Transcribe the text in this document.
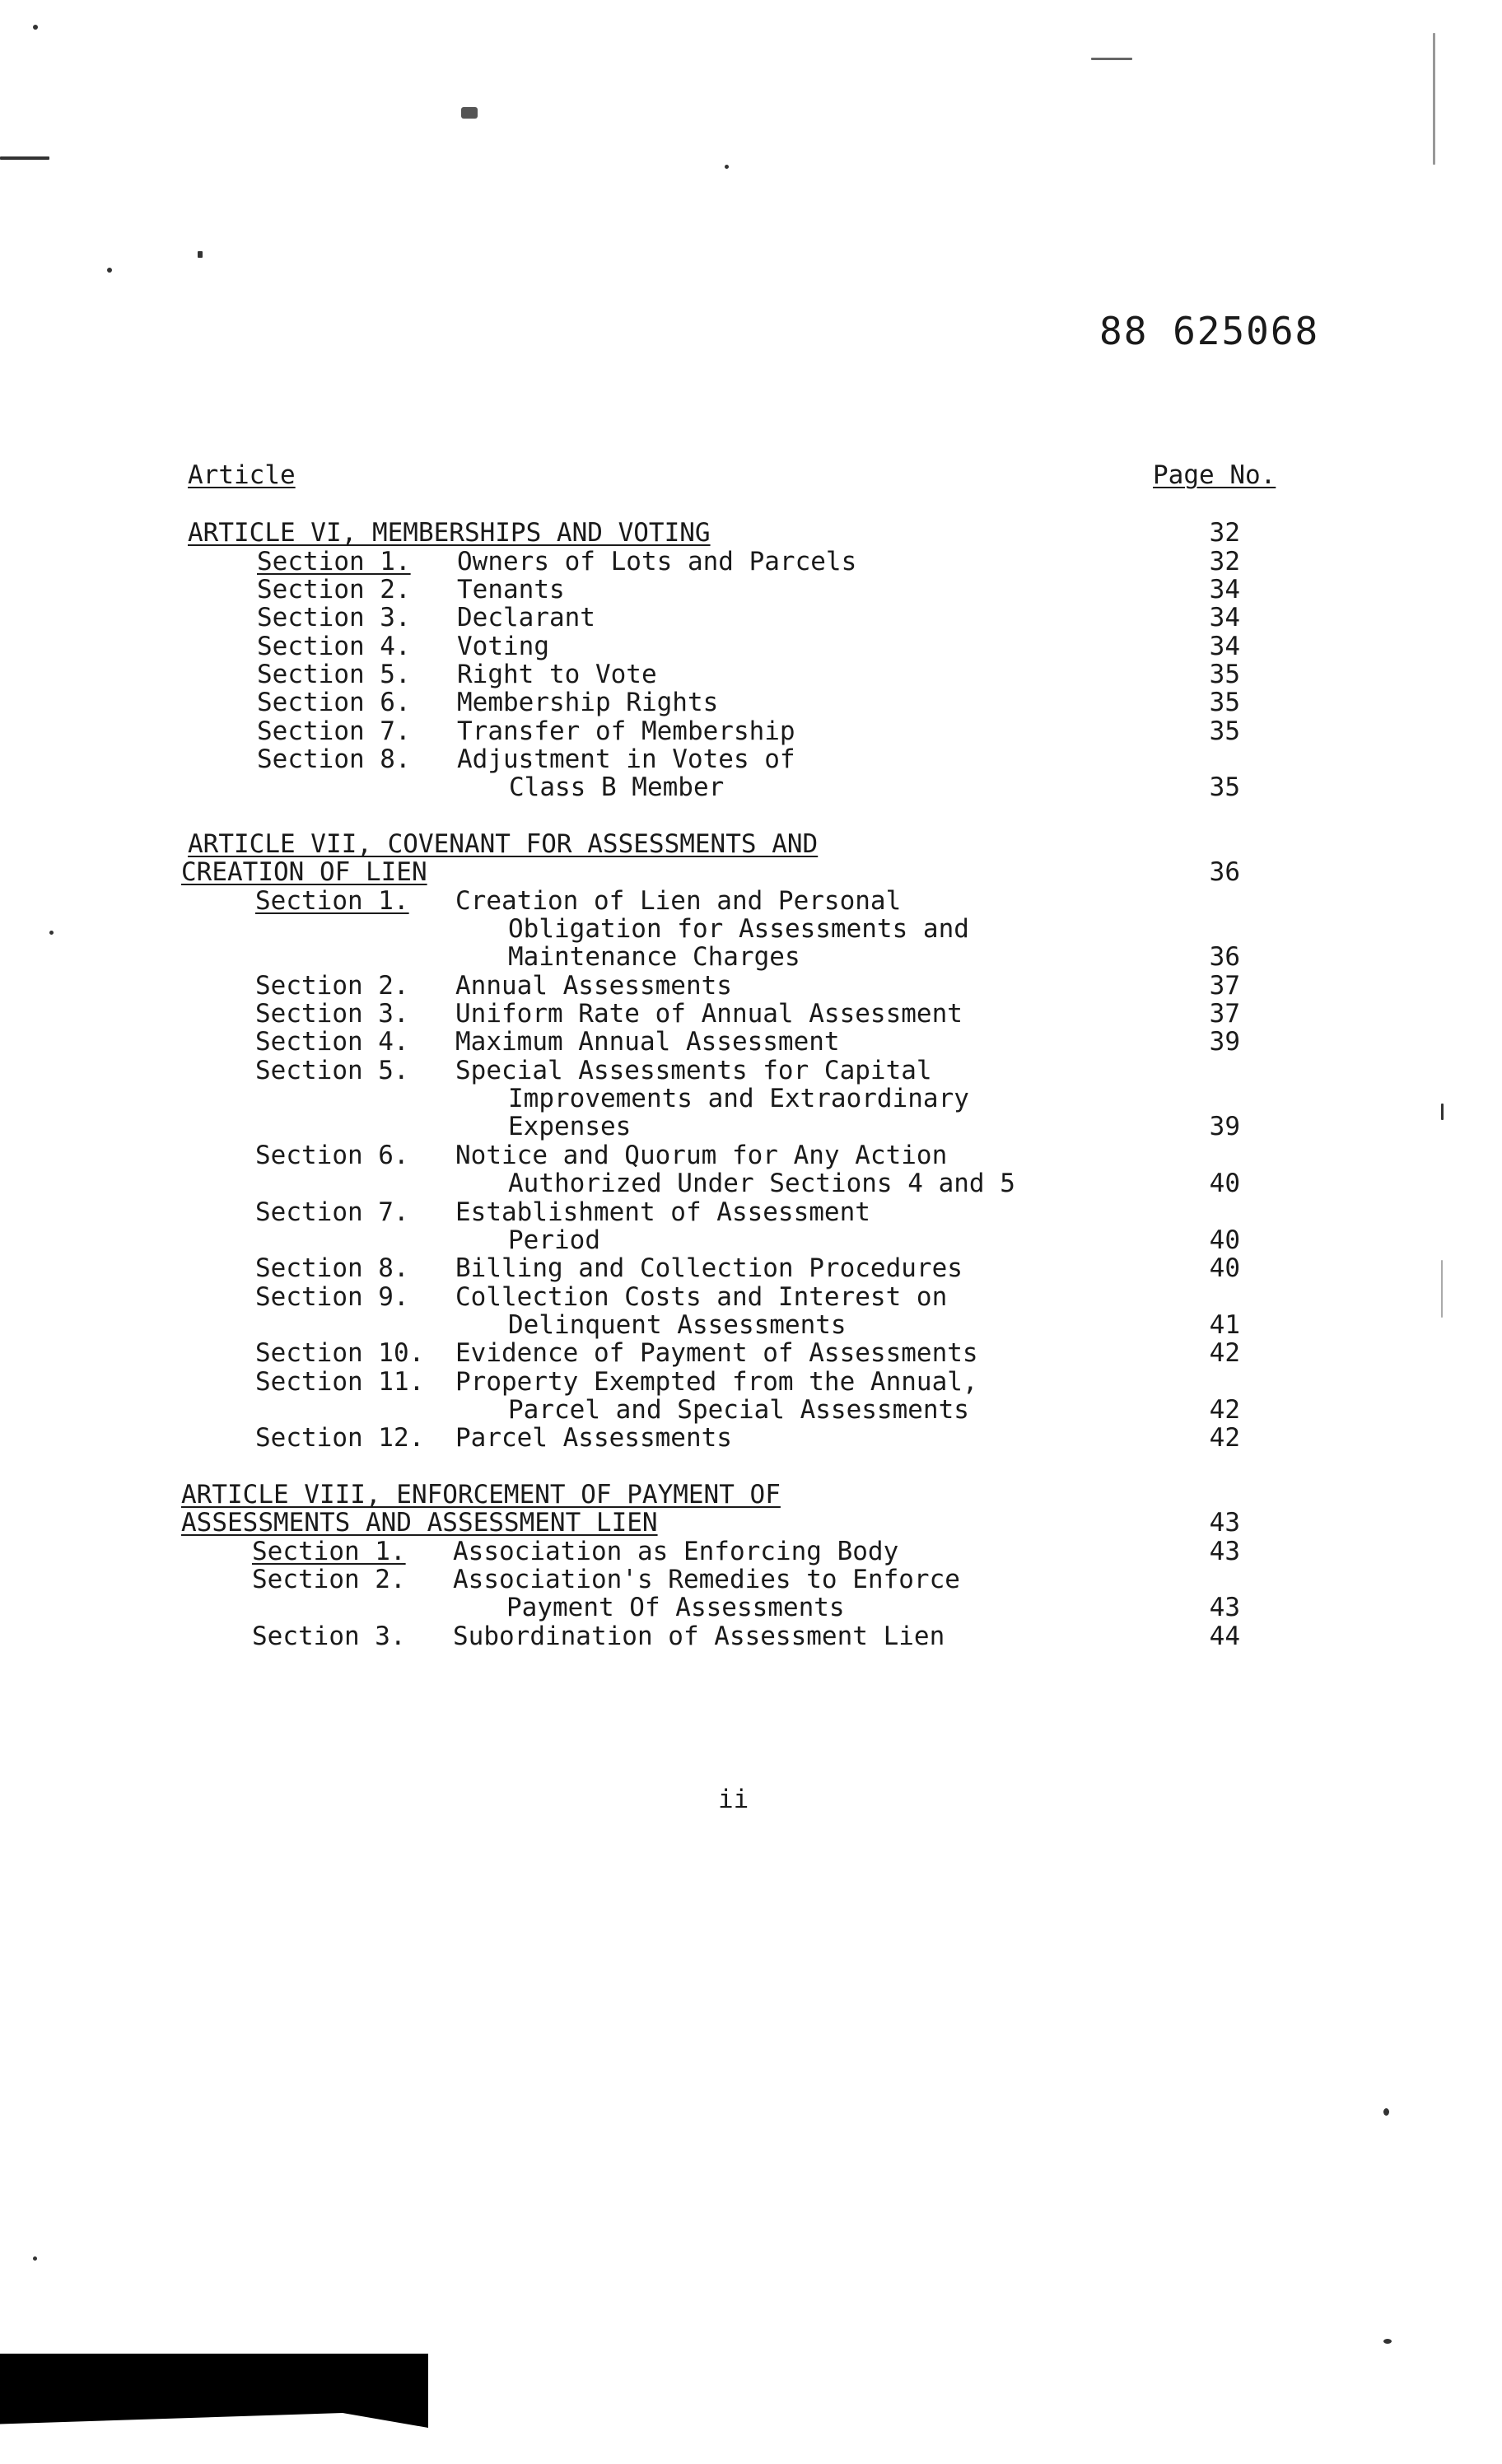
88 625068
Article	Page No.
ARTICLE VI, MEMBERSHIPS AND VOTING	32
Section 1. Owners of Lots and Parcels	32
Section 2. Tenants	34
Section 3. Declarant	34
Section 4. Voting	34
Section 5. Right to Vote	35
Section 6. Membership Rights	35
Section 7. Transfer of Membership	35
Section 8. Adjustment in Votes of
Class B Member	35
ARTICLE VII, COVENANT FOR ASSESSMENTS AND
CREATION OF LIEN	36
Section 1. Creation of Lien and Personal
Obligation for Assessments and
Maintenance Charges	36
Section 2. Annual Assessments	37
Section 3. Uniform Rate of Annual Assessment	37
Section 4. Maximum Annual Assessment	39
Section 5. Special Assessments for Capital
Improvements and Extraordinary
Expenses	39
Section 6. Notice and Quorum for Any Action
Authorized Under Sections 4 and 5	40
Section 7. Establishment of Assessment
Period	40
Section 8. Billing and Collection Procedures	40
Section 9. Collection Costs and Interest on
Delinquent Assessments	41
Section 10. Evidence of Payment of Assessments	42
Section 11. Property Exempted from the Annual,
Parcel and Special Assessments	42
Section 12. Parcel Assessments	42
ARTICLE VIII, ENFORCEMENT OF PAYMENT OF
ASSESSMENTS AND ASSESSMENT LIEN	43
Section 1. Association as Enforcing Body	43
Section 2. Association's Remedies to Enforce
Payment Of Assessments	43
Section 3. Subordination of Assessment Lien	44
ii
